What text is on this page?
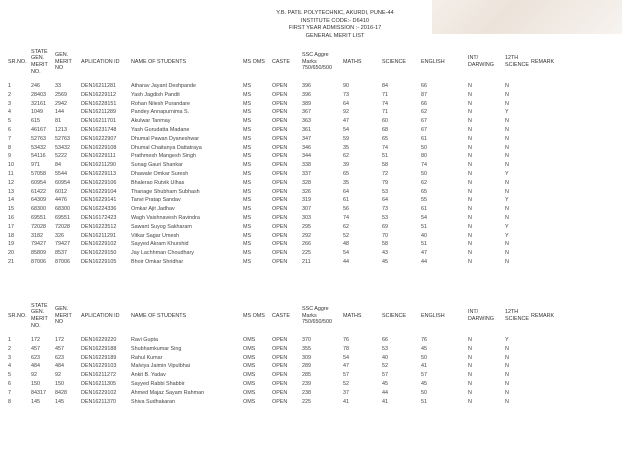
Y.B. PATIL POLYTECHNIC, AKURDI, PUNE-44
INSTITUTE CODE:- D6410
FIRST YEAR ADMISSION :- 2016-17
GENERAL MERIT LIST
SR.NO.	STATE GEN. MERIT NO.	GEN. MERIT NO	APLICATION ID	NAME OF STUDENTS	MS OMS	CASTE	SSC Aggre Marks 750/650/500	MATHS	SCIENCE	ENGLISH	INT/ DARWING	12TH SCIENCE	REMARK
1	246	33	DEN16211281	Atharav Jayant Deshpande	MS	OPEN	396	90	84	66	N	N	
2	28403	2569	DEN16229112	Yash Jagdish Pandit	MS	OPEN	396	73	71	87	N	N	
3	32161	2942	DEN16228151	Rohan Nilesh Purandare	MS	OPEN	389	64	74	66	N	N	
4	1049	144	DEN16211289	Pandey Annapurnima S.	MS	OPEN	367	92	71	62	N	Y	
5	615	81	DEN16211701	Akulwar Tanmay	MS	OPEN	363	47	60	67	N	N	
6	46167	1213	DEN16231748	Yash Gurudatta Madane	MS	OPEN	361	54	68	67	N	N	
7	52763	52763	DEN16222907	Dhumal Pawan Dyaneshwar	MS	OPEN	347	59	65	61	N	N	
8	53432	53432	DEN16229108	Dhumal Chaitanya Dattatraya	MS	OPEN	346	35	74	50	N	N	
9	54116	5222	DEN16229111	Prathmesh Mangesh Singh	MS	OPEN	344	62	51	80	N	N	
10	971	84	DEN16211290	Sunag Gauri Shankar	MS	OPEN	338	39	58	74	N	N	
11	57058	5544	DEN16229113	Dhawale Omkar Suresh	MS	OPEN	337	65	72	50	N	Y	
12	60954	60954	DEN16229106	Bhalerao Rutvik Ulhas	MS	OPEN	328	35	79	62	N	N	
13	61422	6012	DEN16229104	Thanage Shubham Subhash	MS	OPEN	326	64	53	65	N	N	
14	64309	4476	DEN16229141	Tanvi Pratap Sandav	MS	OPEN	319	61	64	55	N	Y	
15	68300	68300	DEN16224336	Omkar Ajit Jadhav	MS	OPEN	307	56	73	61	N	N	
16	69551	69551	DEN16172423	Wagh Vaishnavesh Ravindra	MS	OPEN	303	74	53	54	N	N	
17	72028	72028	DEN16223512	Sawant Suyog Sakharam	MS	OPEN	295	62	69	51	N	Y	
18	3182	326	DEN16211291	Vitkar Sagar Umesh	MS	OPEN	292	52	70	40	N	Y	
19	79427	79427	DEN16229102	Sayyed Akram Khurshid	MS	OPEN	266	48	58	51	N	N	
20	85809	8537	DEN16229150	Jay Lachhman Choudhary	MS	OPEN	225	54	43	47	N	N	
21	87006	87006	DEN16229105	Bhoir Omkar Shridhar	MS	OPEN	211	44	45	44	N	N	
SR.NO.	STATE GEN. MERIT NO.	GEN. MERIT NO	APLICATION ID	NAME OF STUDENTS	MS OMS	CASTE	SSC Aggre Marks 750/650/500	MATHS	SCIENCE	ENGLISH	INT/ DARWING	12TH SCIENCE	REMARK
1	172	172	DEN16229220	Ravi Gupta	OMS	OPEN	370	76	66	76	N	Y	
2	457	457	DEN16229188	Shubhamkumar Sing	OMS	OPEN	355	78	53	45	N	N	
3	623	623	DEN16229189	Rahul Kumar	OMS	OPEN	309	54	40	50	N	N	
4	484	484	DEN16229103	Malviya Jaimin Vipulbhai	OMS	OPEN	289	47	52	41	N	N	
5	92	92	DEN16211272	Ankit B. Yadav	OMS	OPEN	285	57	57	57	N	N	
6	150	150	DEN16211305	Sayyed Rabbi Shabbir	OMS	OPEN	239	52	45	45	N	N	
7	84317	8428	DEN16229102	Ahmed Majaz Sayam Rahman	OMS	OPEN	238	37	44	50	N	N	
8	145	145	DEN16211370	Shiva Sudhakaran	OMS	OPEN	225	41	41	51	N	N	
